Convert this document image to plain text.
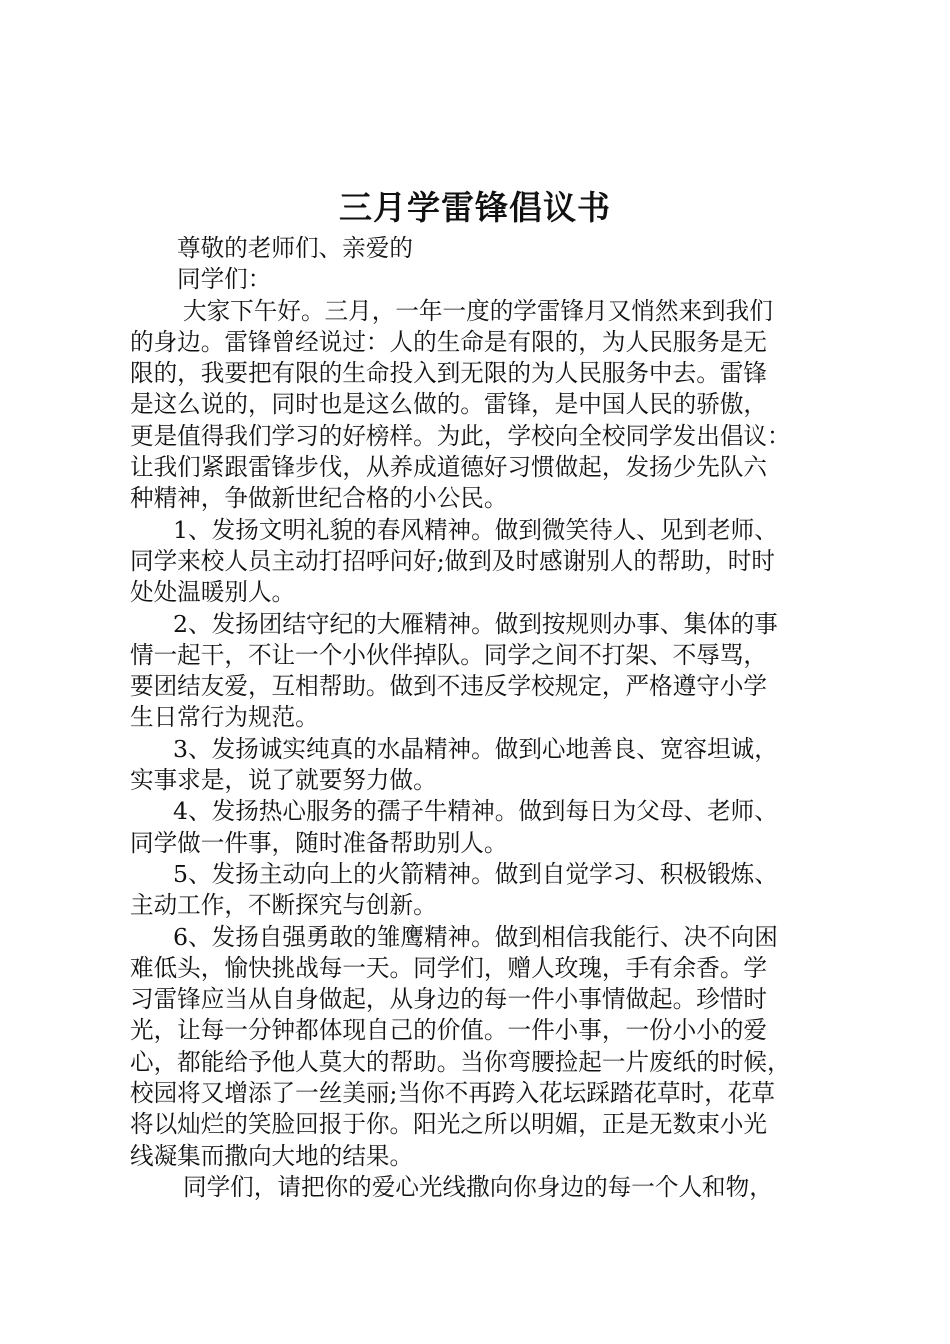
三月学雷锋倡议书
尊敬的老师们、亲爱的
同学们：
大家下午好。三月，一年一度的学雷锋月又悄然来到我们
的身边。雷锋曾经说过：人的生命是有限的，为人民服务是无
限的，我要把有限的生命投入到无限的为人民服务中去。雷锋
是这么说的，同时也是这么做的。雷锋，是中国人民的骄傲，
更是值得我们学习的好榜样。为此，学校向全校同学发出倡议：
让我们紧跟雷锋步伐，从养成道德好习惯做起，发扬少先队六
种精神，争做新世纪合格的小公民。
1、发扬文明礼貌的春风精神。做到微笑待人、见到老师、
同学来校人员主动打招呼问好;做到及时感谢别人的帮助，时时
处处温暖别人。
2、发扬团结守纪的大雁精神。做到按规则办事、集体的事
情一起干，不让一个小伙伴掉队。同学之间不打架、不辱骂，
要团结友爱，互相帮助。做到不违反学校规定，严格遵守小学
生日常行为规范。
3、发扬诚实纯真的水晶精神。做到心地善良、宽容坦诚，
实事求是，说了就要努力做。
4、发扬热心服务的孺子牛精神。做到每日为父母、老师、
同学做一件事，随时准备帮助别人。
5、发扬主动向上的火箭精神。做到自觉学习、积极锻炼、
主动工作，不断探究与创新。
6、发扬自强勇敢的雏鹰精神。做到相信我能行、决不向困
难低头，愉快挑战每一天。同学们，赠人玫瑰，手有余香。学
习雷锋应当从自身做起，从身边的每一件小事情做起。珍惜时
光，让每一分钟都体现自己的价值。一件小事，一份小小的爱
心，都能给予他人莫大的帮助。当你弯腰捡起一片废纸的时候，
校园将又增添了一丝美丽;当你不再跨入花坛踩踏花草时，花草
将以灿烂的笑脸回报于你。阳光之所以明媚，正是无数束小光
线凝集而撒向大地的结果。
同学们，请把你的爱心光线撒向你身边的每一个人和物，
